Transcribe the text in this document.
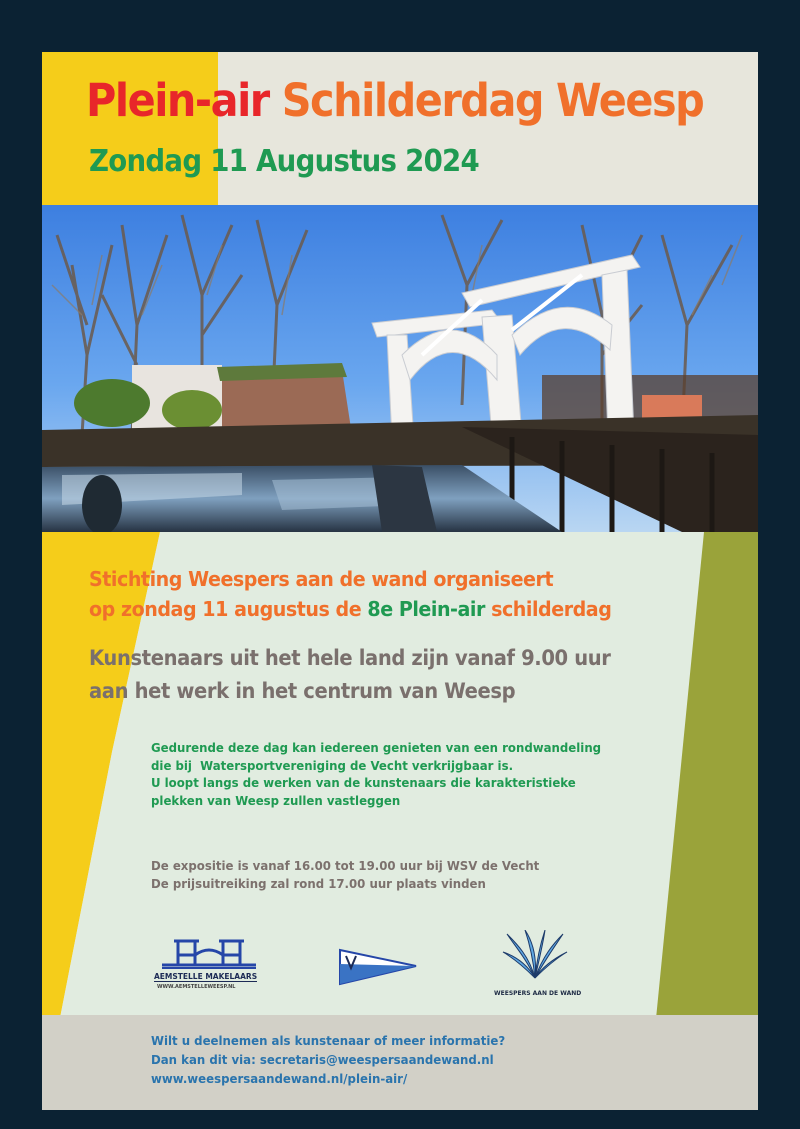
Plein-air Schilderdag Weesp
Zondag 11 Augustus 2024

Stichting Weespers aan de wand organiseert
op zondag 11 augustus de 8e Plein-air schilderdag

Kunstenaars uit het hele land zijn vanaf 9.00 uur
aan het werk in het centrum van Weesp

Gedurende deze dag kan iedereen genieten van een rondwandeling
die bij  Watersportvereniging de Vecht verkrijgbaar is.
U loopt langs de werken van de kunstenaars die karakteristieke
plekken van Weesp zullen vastleggen

De expositie is vanaf 16.00 tot 19.00 uur bij WSV de Vecht
De prijsuitreiking zal rond 17.00 uur plaats vinden

AEMSTELLE MAKELAARS
WWW.AEMSTELLEWEESP.NL
WEESPERS AAN DE WAND

Wilt u deelnemen als kunstenaar of meer informatie?
Dan kan dit via: secretaris@weespersaandewand.nl
www.weespersaandewand.nl/plein-air/
